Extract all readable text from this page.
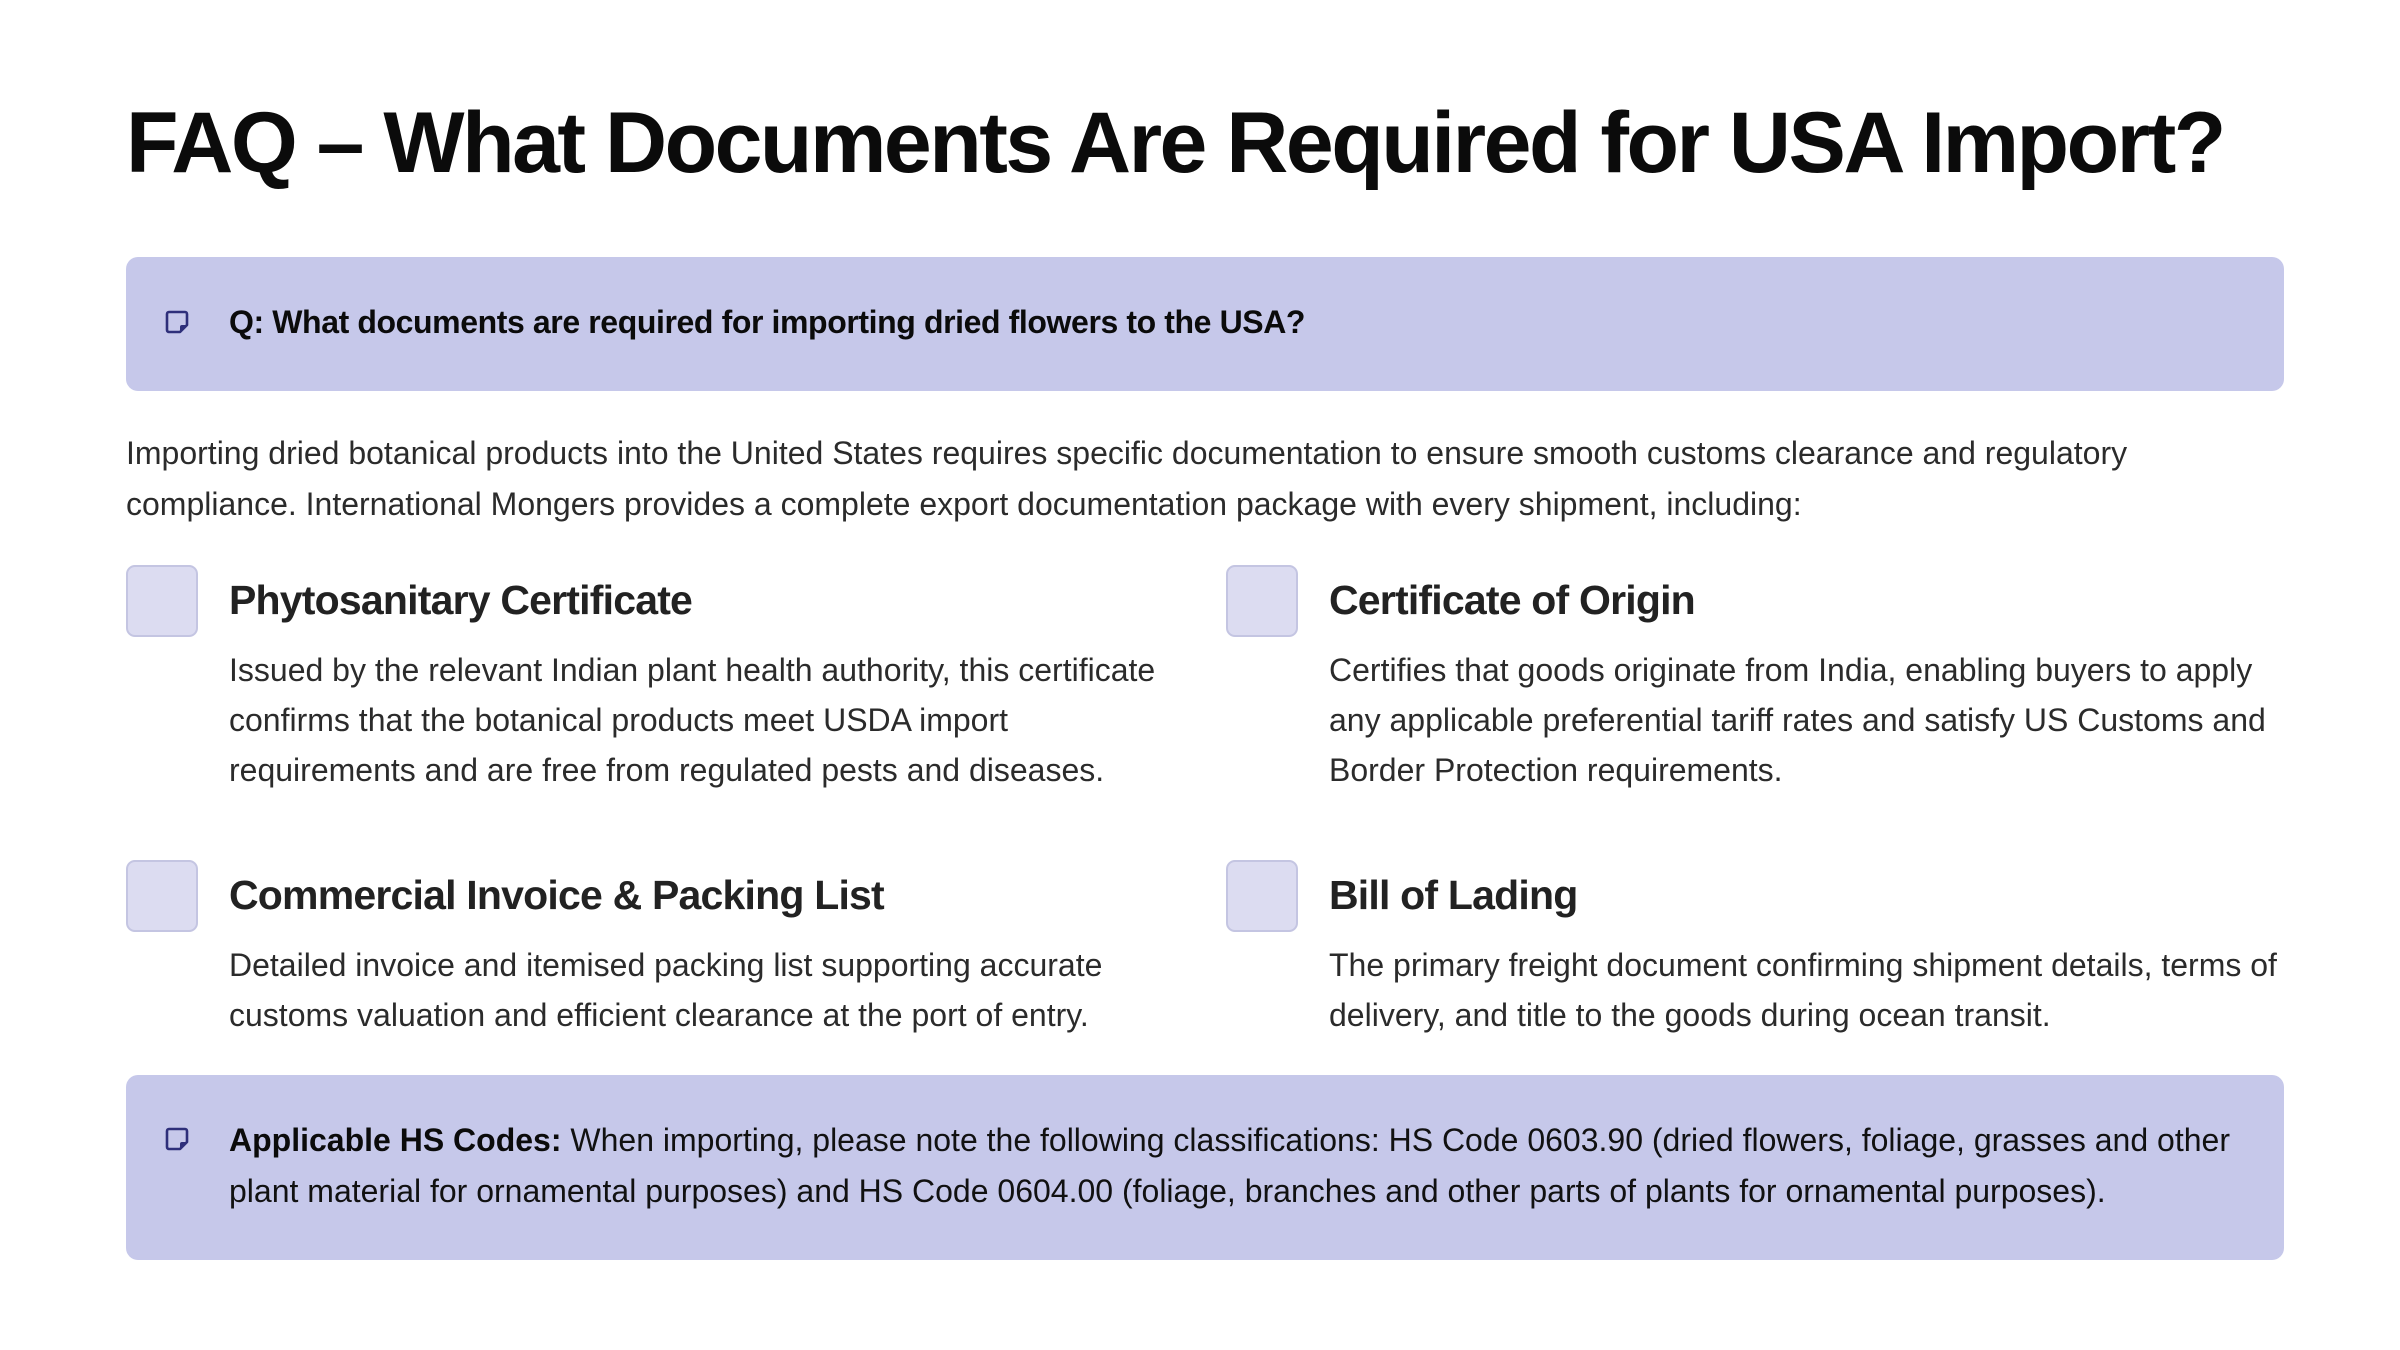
FAQ – What Documents Are Required for USA Import?
Q: What documents are required for importing dried flowers to the USA?

Importing dried botanical products into the United States requires specific documentation to ensure smooth customs clearance and regulatory compliance. International Mongers provides a complete export documentation package with every shipment, including:

Phytosanitary Certificate

Issued by the relevant Indian plant health authority, this certificate confirms that the botanical products meet USDA import requirements and are free from regulated pests and diseases.

Certificate of Origin

Certifies that goods originate from India, enabling buyers to apply any applicable preferential tariff rates and satisfy US Customs and Border Protection requirements.

Commercial Invoice & Packing List

Detailed invoice and itemised packing list supporting accurate customs valuation and efficient clearance at the port of entry.

Bill of Lading

The primary freight document confirming shipment details, terms of delivery, and title to the goods during ocean transit.

Applicable HS Codes: When importing, please note the following classifications: HS Code 0603.90 (dried flowers, foliage, grasses and other plant material for ornamental purposes) and HS Code 0604.00 (foliage, branches and other parts of plants for ornamental purposes).
